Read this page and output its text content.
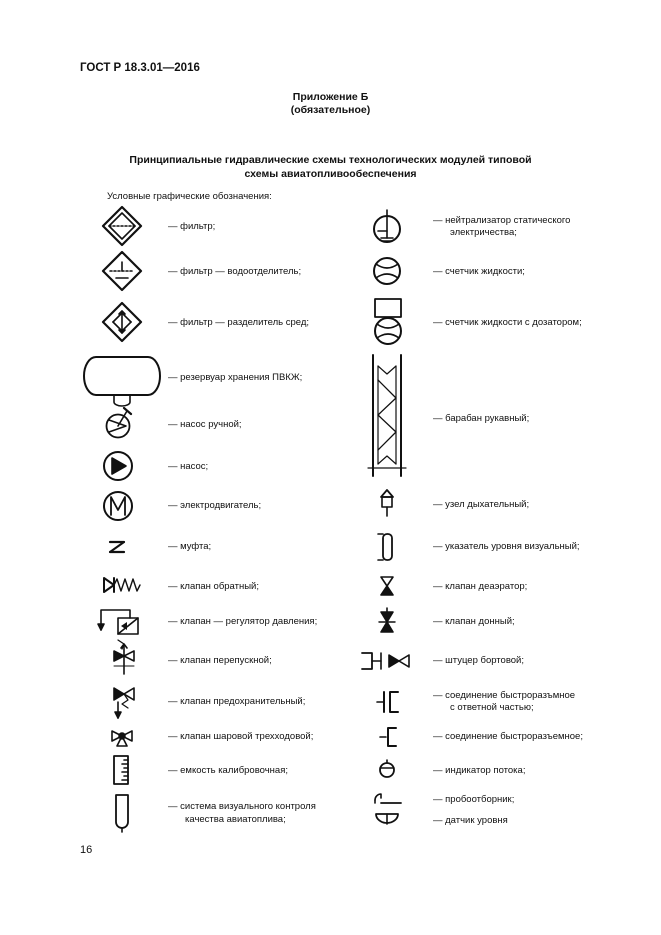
ГОСТ Р 18.3.01—2016
Приложение Б
(обязательное)
Принципиальные гидравлические схемы технологических модулей типовой
схемы авиатопливообеспечения
Условные графические обозначения:
— фильтр;
— фильтр — водоотделитель;
— фильтр — разделитель сред;
— резервуар хранения ПВКЖ;
— насос ручной;
— насос;
— электродвигатель;
— муфта;
— клапан обратный;
— клапан — регулятор давления;
— клапан перепускной;
— клапан предохранительный;
— клапан шаровой трехходовой;
— емкость калибровочная;
— система визуального контроля
качества авиатоплива;
— нейтрализатор статического
электричества;
— счетчик жидкости;
— счетчик жидкости с дозатором;
— барабан рукавный;
— узел дыхательный;
— указатель уровня визуальный;
— клапан деаэратор;
— клапан донный;
— штуцер бортовой;
— соединение быстроразъмное
с ответной частью;
— соединение быстроразъемное;
— индикатор потока;
— пробоотборник;
— датчик уровня
16
